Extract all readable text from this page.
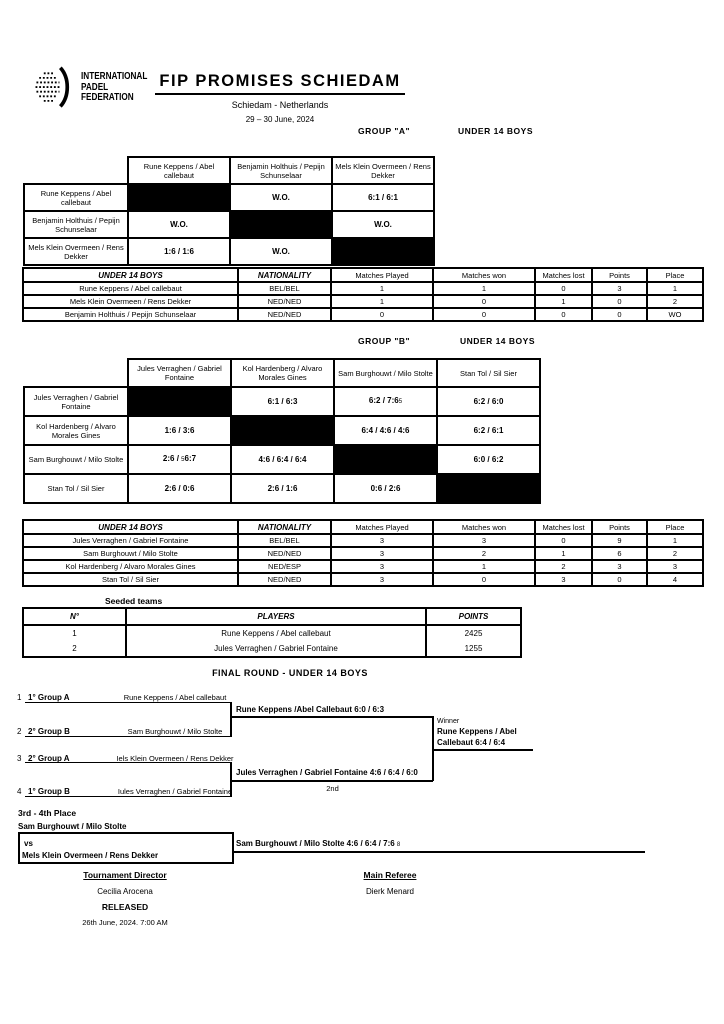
INTERNATIONAL
PADEL
FEDERATION
FIP PROMISES SCHIEDAM
Schiedam - Netherlands
29 – 30 June, 2024
GROUP "A"	UNDER 14 BOYS
	Rune Keppens / Abel callebaut	Benjamin Holthuis / Pepijn Schunselaar	Mels Klein Overmeen / Rens Dekker
Rune Keppens / Abel callebaut		W.O.	6:1 / 6:1
Benjamin Holthuis / Pepijn Schunselaar	W.O.		W.O.
Mels Klein Overmeen / Rens Dekker	1:6 / 1:6	W.O.	
UNDER 14 BOYS	NATIONALITY	Matches Played	Matches won	Matches lost	Points	Place
Rune Keppens / Abel callebaut	BEL/BEL	1	1	0	3	1
Mels Klein Overmeen / Rens Dekker	NED/NED	1	0	1	0	2
Benjamin Holthuis / Pepijn Schunselaar	NED/NED	0	0	0	0	WO
GROUP "B"	UNDER 14 BOYS
	Jules Verraghen / Gabriel Fontaine	Kol Hardenberg / Alvaro Morales Gines	Sam Burghouwt / Milo Stolte	Stan Tol / Sil Sier
Jules Verraghen / Gabriel Fontaine		6:1 / 6:3	6:2 / 7:65	6:2 / 6:0
Kol Hardenberg / Alvaro Morales Gines	1:6 / 3:6		6:4 / 4:6 / 4:6	6:2 / 6:1
Sam Burghouwt / Milo Stolte	2:6 / 56:7	4:6 / 6:4 / 6:4		6:0 / 6:2
Stan Tol / Sil Sier	2:6 / 0:6	2:6 / 1:6	0:6 / 2:6	
UNDER 14 BOYS	NATIONALITY	Matches Played	Matches won	Matches lost	Points	Place
Jules Verraghen / Gabriel Fontaine	BEL/BEL	3	3	0	9	1
Sam Burghouwt / Milo Stolte	NED/NED	3	2	1	6	2
Kol Hardenberg / Alvaro Morales Gines	NED/ESP	3	1	2	3	3
Stan Tol / Sil Sier	NED/NED	3	0	3	0	4
Seeded teams
N°	PLAYERS	POINTS
1	Rune Keppens / Abel callebaut	2425
2	Jules Verraghen / Gabriel Fontaine	1255
FINAL ROUND - UNDER 14 BOYS
1 1° Group A	Rune Keppens / Abel callebaut
Rune Keppens /Abel Callebaut 6:0 / 6:3
2 2° Group B	Sam Burghouwt / Milo Stolte
Winner
Rune Keppens / Abel
Callebaut 6:4 / 6:4
3 2° Group A	Iels Klein Overmeen / Rens Dekker
Jules Verraghen / Gabriel Fontaine 4:6 / 6:4 / 6:0
2nd
4 1° Group B	Iules Verraghen / Gabriel Fontaine
3rd - 4th Place
Sam Burghouwt / Milo Stolte
vs
Mels Klein Overmeen / Rens Dekker
Sam Burghouwt / Milo Stolte 4:6 / 6:4 / 7:6 8
Tournament Director
Cecilia Arocena
RELEASED
26th June, 2024. 7:00 AM
Main Referee
Dierk Menard
